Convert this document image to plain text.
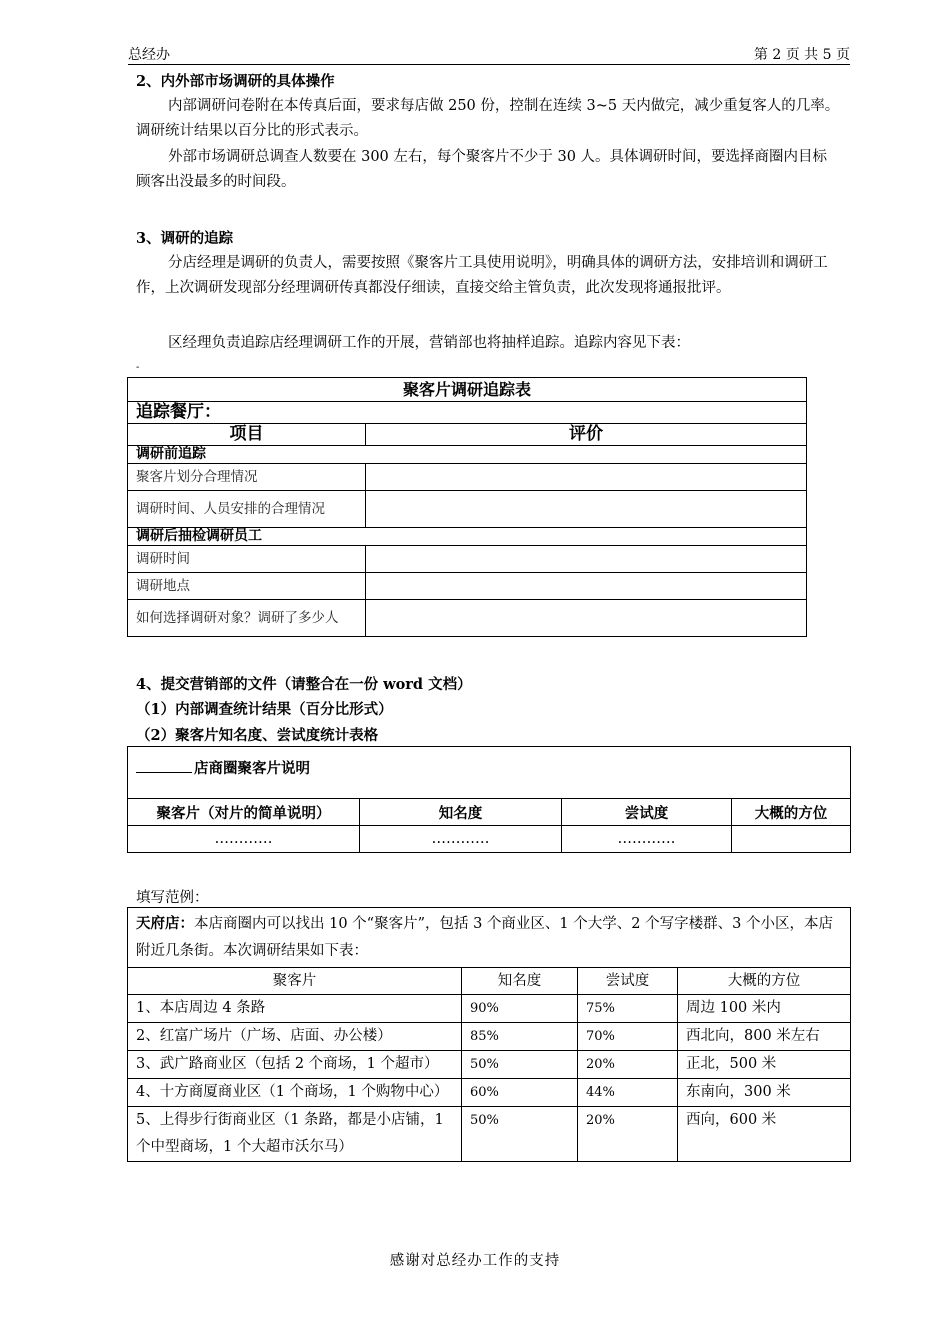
总经办	第 2 页 共 5 页
2、内外部市场调研的具体操作
内部调研问卷附在本传真后面，要求每店做 250 份，控制在连续 3~5 天内做完，减少重复客人的几率。调研统计结果以百分比的形式表示。
外部市场调研总调查人数要在 300 左右，每个聚客片不少于 30 人。具体调研时间，要选择商圈内目标顾客出没最多的时间段。
3、调研的追踪
分店经理是调研的负责人，需要按照《聚客片工具使用说明》，明确具体的调研方法，安排培训和调研工作，上次调研发现部分经理调研传真都没仔细读，直接交给主管负责，此次发现将通报批评。
区经理负责追踪店经理调研工作的开展，营销部也将抽样追踪。追踪内容见下表：
-
聚客片调研追踪表	
追踪餐厅：	
项目	评价
调研前追踪	
聚客片划分合理情况	
调研时间、人员安排的合理情况	
调研后抽检调研员工	
调研时间	
调研地点	
如何选择调研对象？调研了多少人	
4、提交营销部的文件（请整合在一份 word 文档）
（1）内部调查统计结果（百分比形式）
（2）聚客片知名度、尝试度统计表格
店商圈聚客片说明			
聚客片（对片的简单说明）	知名度	尝试度	大概的方位
…………	…………	…………	
填写范例：
天府店：本店商圈内可以找出 10 个“聚客片”，包括 3 个商业区、1 个大学、2 个写字楼群、3 个小区，本店附近几条街。本次调研结果如下表：			
聚客片	知名度	尝试度	大概的方位
1、本店周边 4 条路	90%	75%	周边 100 米内
2、红富广场片（广场、店面、办公楼）	85%	70%	西北向，800 米左右
3、武广路商业区（包括 2 个商场，1 个超市）	50%	20%	正北，500 米
4、十方商厦商业区（1 个商场，1 个购物中心）	60%	44%	东南向，300 米
5、上得步行街商业区（1 条路，都是小店铺，1 个中型商场，1 个大超市沃尔马）	50%	20%	西向，600 米
感谢对总经办工作的支持
